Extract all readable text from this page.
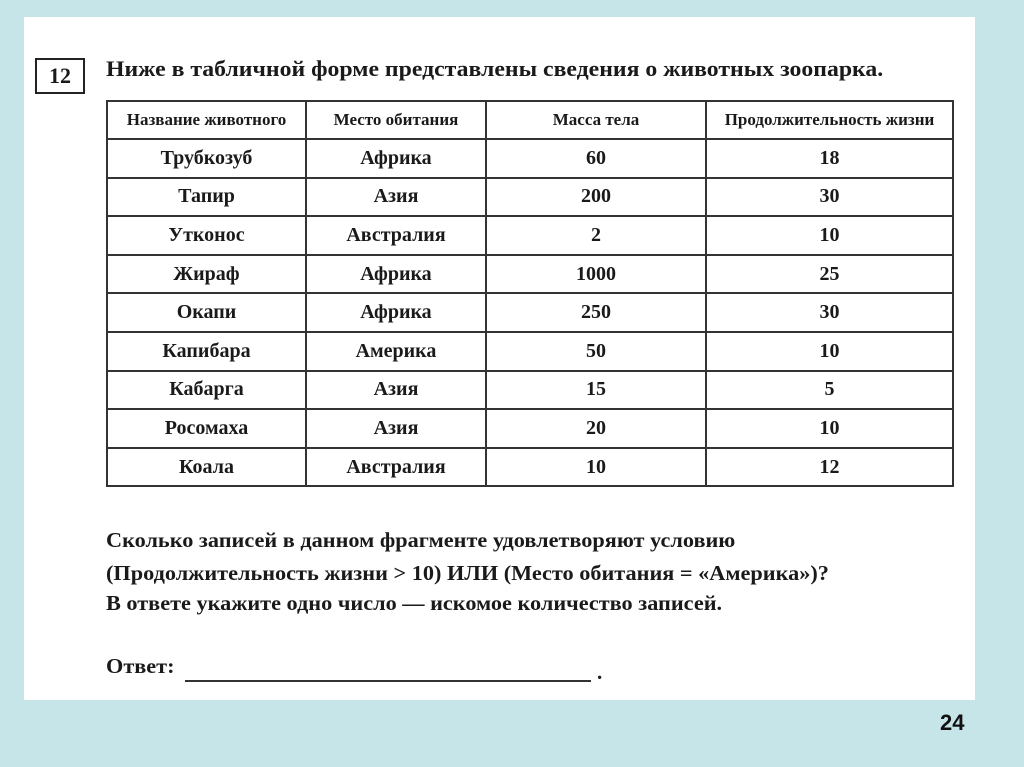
12	Ниже в табличной форме представлены сведения о животных зоопарка.
Название животного	Место обитания	Масса тела	Продолжительность жизни
Трубкозуб	Африка	60	18
Тапир	Азия	200	30
Утконос	Австралия	2	10
Жираф	Африка	1000	25
Окапи	Африка	250	30
Капибара	Америка	50	10
Кабарга	Азия	15	5
Росомаха	Азия	20	10
Коала	Австралия	10	12
Сколько записей в данном фрагменте удовлетворяют условию
(Продолжительность жизни > 10) ИЛИ (Место обитания = «Америка»)?
В ответе укажите одно число — искомое количество записей.
Ответ:	.
24
